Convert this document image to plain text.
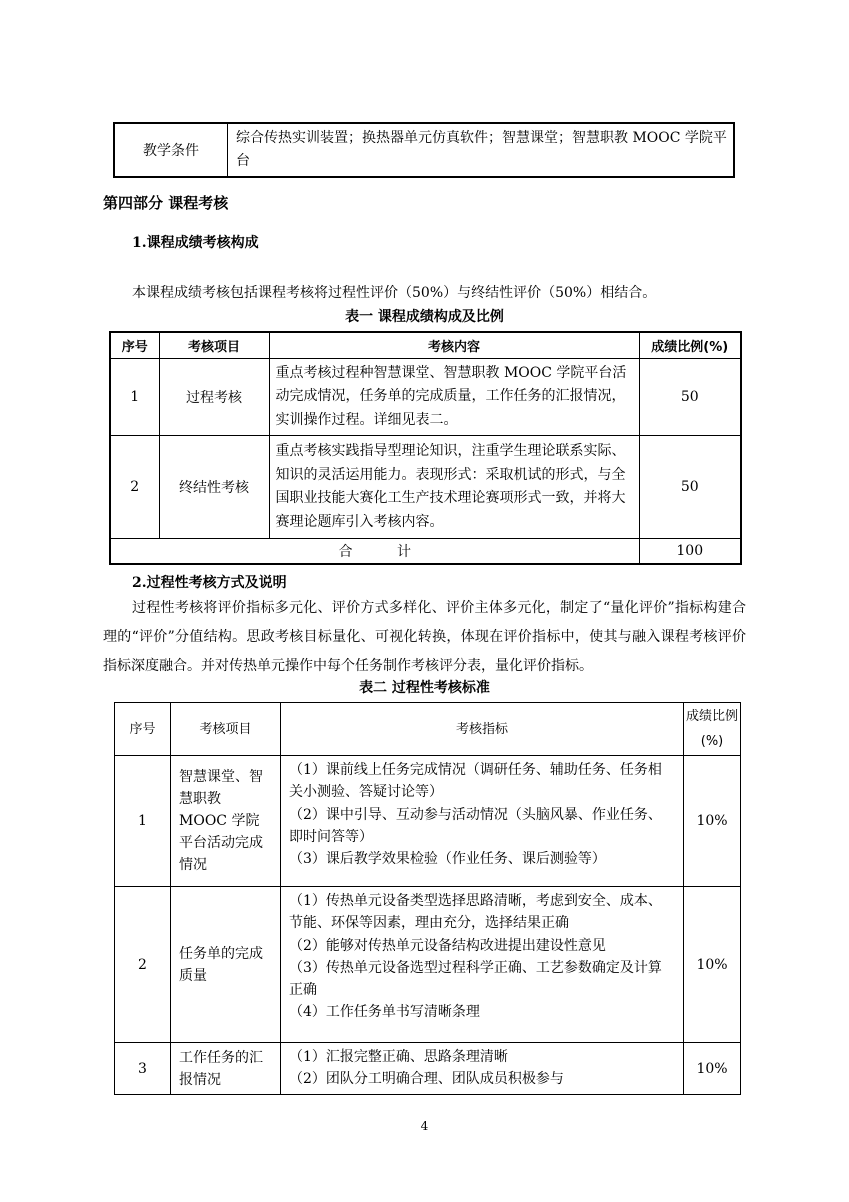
教学条件	综合传热实训装置；换热器单元仿真软件；智慧课堂；智慧职教 MOOC 学院平台
第四部分 课程考核
1.课程成绩考核构成
本课程成绩考核包括课程考核将过程性评价（50%）与终结性评价（50%）相结合。
表一 课程成绩构成及比例
序号	考核项目	考核内容	成绩比例(%)
1	过程考核	重点考核过程种智慧课堂、智慧职教 MOOC 学院平台活动完成情况，任务单的完成质量，工作任务的汇报情况，实训操作过程。详细见表二。	50
2	终结性考核	重点考核实践指导型理论知识，注重学生理论联系实际、知识的灵活运用能力。表现形式：采取机试的形式，与全国职业技能大赛化工生产技术理论赛项形式一致，并将大赛理论题库引入考核内容。	50
合          计			100
2.过程性考核方式及说明
过程性考核将评价指标多元化、评价方式多样化、评价主体多元化，制定了“量化评价”指标构建合理的“评价”分值结构。思政考核目标量化、可视化转换，体现在评价指标中，使其与融入课程考核评价指标深度融合。并对传热单元操作中每个任务制作考核评分表，量化评价指标。
表二 过程性考核标准
序号	考核项目	考核指标	成绩比例(%)
1	智慧课堂、智慧职教 MOOC 学院平台活动完成情况	（1）课前线上任务完成情况（调研任务、辅助任务、任务相关小测验、答疑讨论等）
（2）课中引导、互动参与活动情况（头脑风暴、作业任务、即时问答等）
（3）课后教学效果检验（作业任务、课后测验等）	10%
2	任务单的完成质量	（1）传热单元设备类型选择思路清晰，考虑到安全、成本、节能、环保等因素，理由充分，选择结果正确
（2）能够对传热单元设备结构改进提出建设性意见
（3）传热单元设备选型过程科学正确、工艺参数确定及计算正确
（4）工作任务单书写清晰条理	10%
3	工作任务的汇报情况	（1）汇报完整正确、思路条理清晰
（2）团队分工明确合理、团队成员积极参与	10%
4
